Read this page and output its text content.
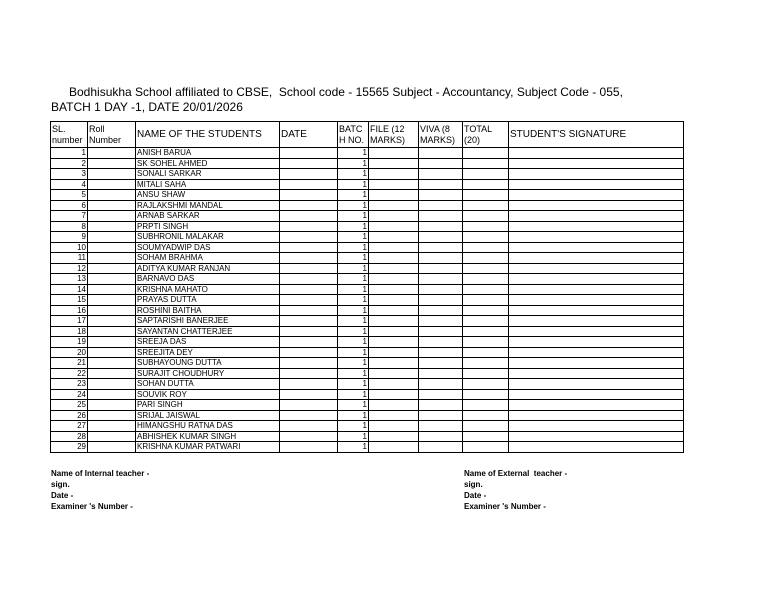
Bodhisukha School affiliated to CBSE,  School code - 15565 Subject - Accountancy, Subject Code - 055,
BATCH 1 DAY -1, DATE 20/01/2026
SL. number	Roll Number	NAME OF THE STUDENTS	DATE	BATC H NO.	FILE (12 MARKS)	VIVA (8 MARKS)	TOTAL (20)	STUDENT'S SIGNATURE
1		ANISH BARUA		1				
2		SK SOHEL AHMED		1				
3		SONALI SARKAR		1				
4		MITALI SAHA		1				
5		ANSU SHAW		1				
6		RAJLAKSHMI MANDAL		1				
7		ARNAB SARKAR		1				
8		PRPTI SINGH		1				
9		SUBHRONIL MALAKAR		1				
10		SOUMYADWIP DAS		1				
11		SOHAM BRAHMA		1				
12		ADITYA KUMAR RANJAN		1				
13		BARNAVO DAS		1				
14		KRISHNA MAHATO		1				
15		PRAYAS DUTTA		1				
16		ROSHINI BAITHA		1				
17		SAPTARISHI BANERJEE		1				
18		SAYANTAN CHATTERJEE		1				
19		SREEJA DAS		1				
20		SREEJITA DEY		1				
21		SUBHAYOUNG DUTTA		1				
22		SURAJIT CHOUDHURY		1				
23		SOHAN DUTTA		1				
24		SOUVIK ROY		1				
25		PARI SINGH		1				
26		SRIJAL JAISWAL		1				
27		HIMANGSHU RATNA DAS		1				
28		ABHISHEK KUMAR SINGH		1				
29		KRISHNA KUMAR PATWARI		1				
Name of Internal teacher -
sign.
Date -
Examiner 's Number -
Name of External  teacher -
sign.
Date -
Examiner 's Number -
